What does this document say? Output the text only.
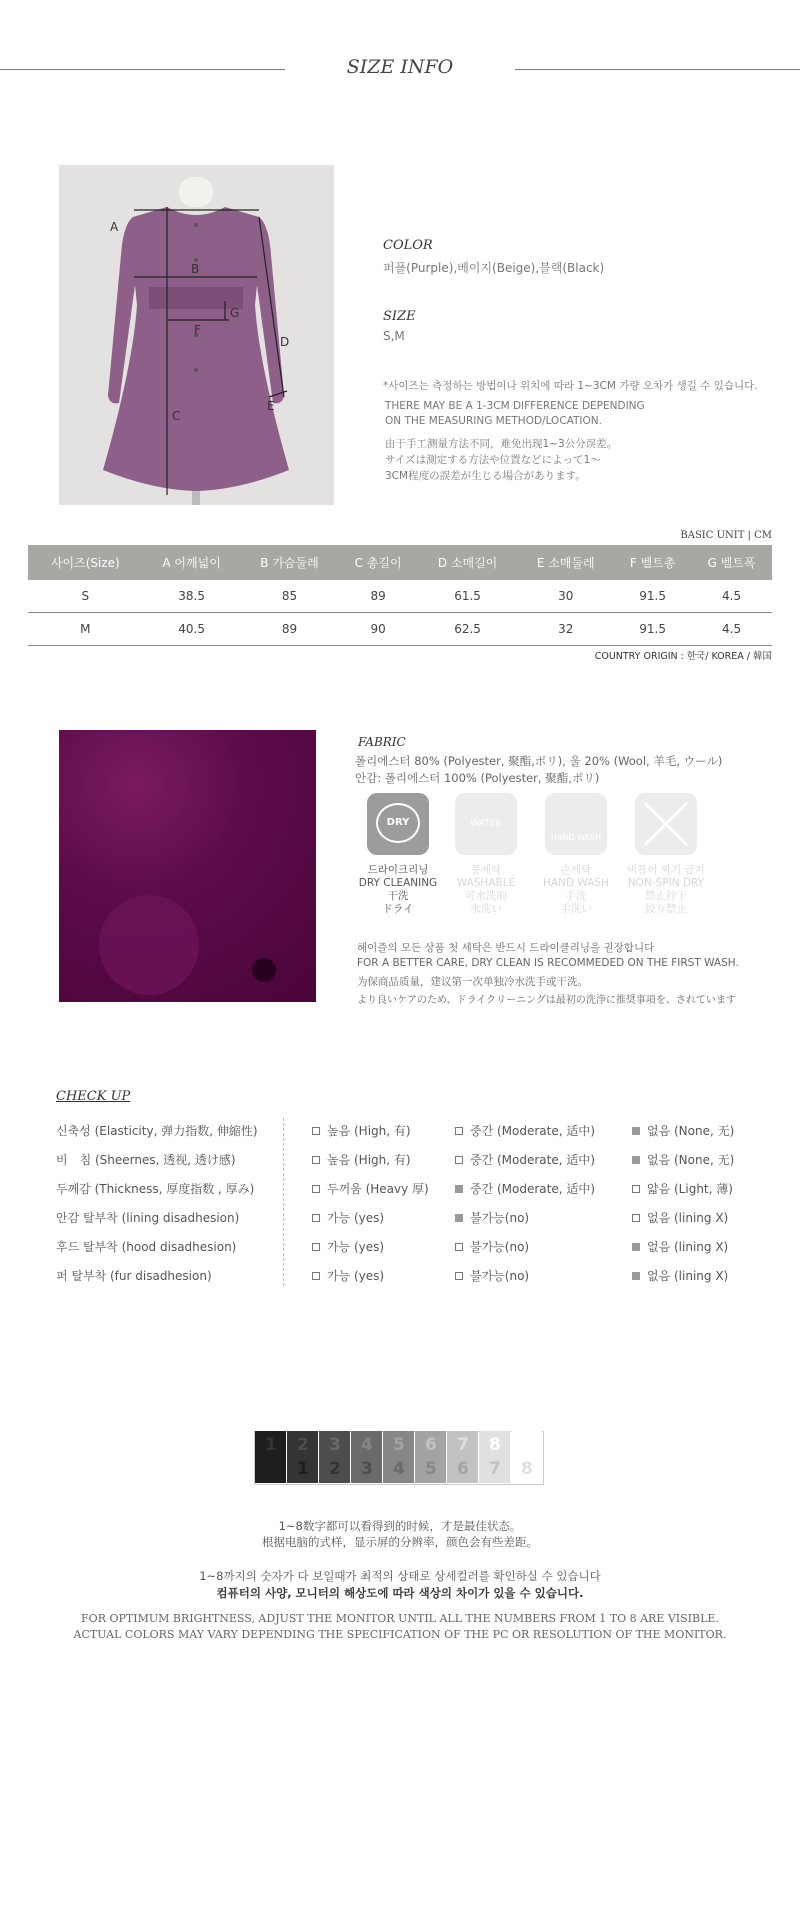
SIZE INFO
A
B
C
D
E
F
G
COLOR
퍼플(Purple),베이지(Beige),블랙(Black)
SIZE
S,M
*사이즈는 측정하는 방법이나 위치에 따라 1~3CM 가량 오차가 생길 수 있습니다.
THERE MAY BE A 1-3CM DIFFERENCE DEPENDING
ON THE MEASURING METHOD/LOCATION.
由于手工测量方法不同，难免出现1~3公分误差。
サイズは測定する方法や位置などによって1～
3CM程度の誤差が生じる場合があります。
BASIC UNIT | CM
사이즈(Size)	A 어깨넓이	B 가슴둘레	C 총길이	D 소매길이	E 소매둘레	F 벨트총	G 벨트폭
S	38.5	85	89	61.5	30	91.5	4.5
M	40.5	89	90	62.5	32	91.5	4.5
COUNTRY ORIGIN : 한국/ KOREA / 韓国
FABRIC
폴리에스터 80% (Polyester, 聚酯,ポリ), 울 20% (Wool, 羊毛, ウール)
안감: 폴리에스터 100% (Polyester, 聚酯,ポリ)
DRY	WATER
HAND WASH
드라이크리닝
DRY CLEANING
干洗
ドライ
물세탁
WASHABLE
可水洗的
水洗い
손세탁
HAND WASH
手洗
手洗い
비틀어 짜기 금지
NON-SPIN DRY
禁止拧干
絞り禁止
헤이즐의 모든 상품 첫 세탁은 반드시 드라이클리닝을 권장합니다
FOR A BETTER CARE, DRY CLEAN IS RECOMMEDED ON THE FIRST WASH.
为保商品质量，建议第一次单独冷水洗手或干洗。
より良いケアのため、ドライクリーニングは最初の洗浄に推奨事項を、されています
CHECK UP
신축성 (Elasticity, 弹力指数, 伸縮性)	높음 (High, 有)	중간 (Moderate, 适中)	없음 (None, 无)
비　침 (Sheernes, 透视, 透け感)	높음 (High, 有)	중간 (Moderate, 适中)	없음 (None, 无)
두께감 (Thickness, 厚度指数 , 厚み)	두꺼움 (Heavy 厚)	중간 (Moderate, 适中)	얇음 (Light, 薄)
안감 탈부착 (lining disadhesion)	가능 (yes)	불가능(no)	없음 (lining X)
후드 탈부착 (hood disadhesion)	가능 (yes)	불가능(no)	없음 (lining X)
퍼 탈부착 (fur disadhesion)	가능 (yes)	불가능(no)	없음 (lining X)
1 2
1
3
2
4
3
5
4
6
5
7
6
8
7 8
1~8数字都可以看得到的时候，才是最佳状态。
根据电脑的式样，显示屏的分辨率，颜色会有些差距。
1~8까지의 숫자가 다 보일때가 최적의 상태로 상세컬러를 확인하실 수 있습니다
컴퓨터의 사양, 모니터의 해상도에 따라 색상의 차이가 있을 수 있습니다.
FOR OPTIMUM BRIGHTNESS, ADJUST THE MONITOR UNTIL ALL THE NUMBERS FROM 1 TO 8 ARE VISIBLE.
ACTUAL COLORS MAY VARY DEPENDING THE SPECIFICATION OF THE PC OR RESOLUTION OF THE MONITOR.
